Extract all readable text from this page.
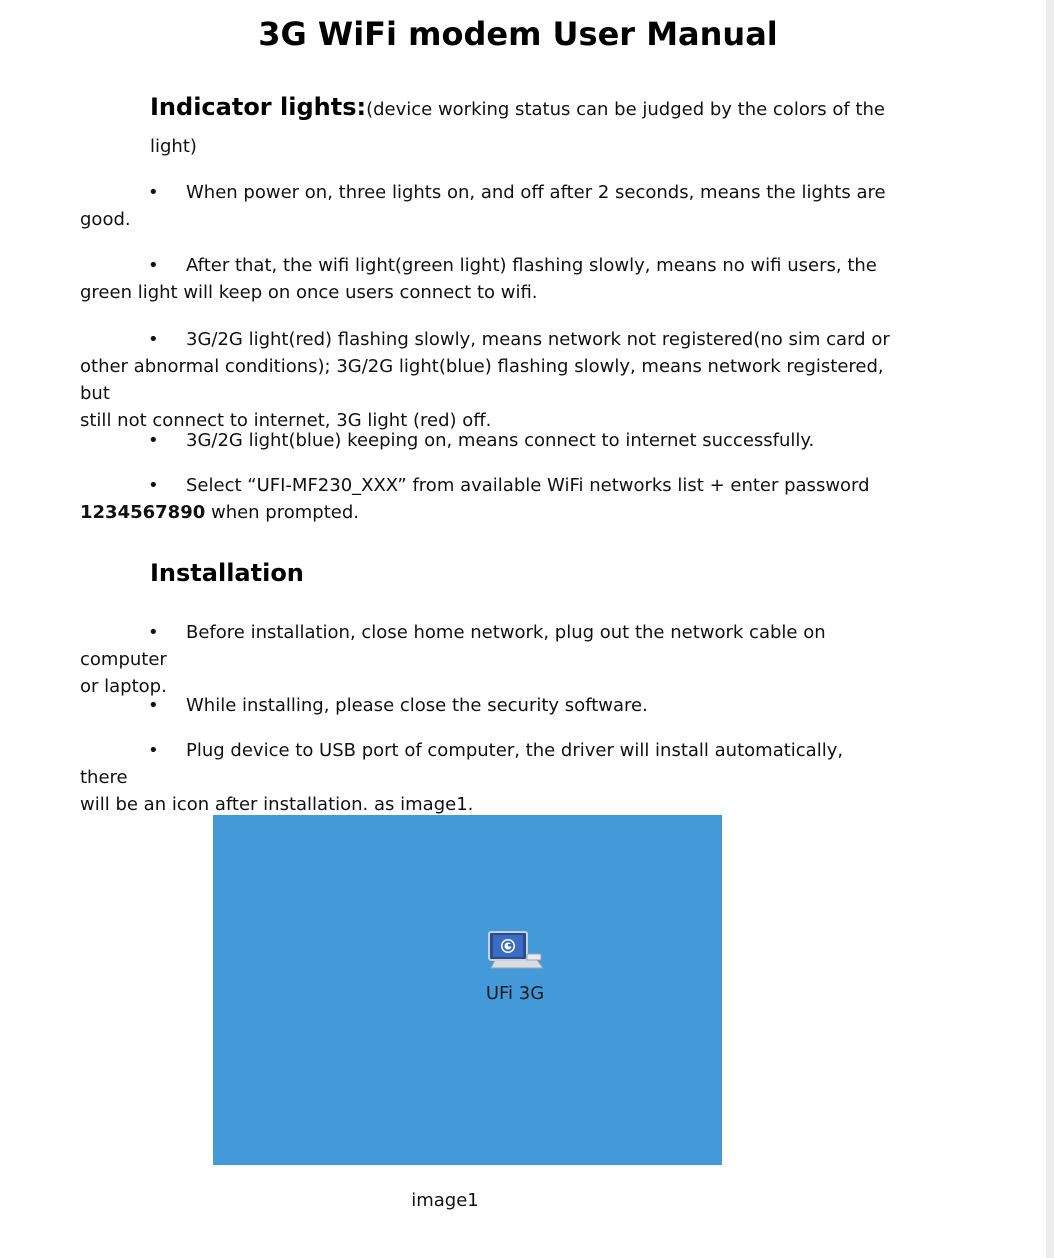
3G WiFi modem User Manual
Indicator lights:(device working status can be judged by the colors of the
light)
• When power on, three lights on, and off after 2 seconds, means the lights are
good.
• After that, the wifi light(green light) flashing slowly, means no wifi users, the
green light will keep on once users connect to wifi.
• 3G/2G light(red) flashing slowly, means network not registered(no sim card or
other abnormal conditions); 3G/2G light(blue) flashing slowly, means network registered, but
still not connect to internet, 3G light (red) off.
• 3G/2G light(blue) keeping on, means connect to internet successfully.
• Select “UFI-MF230_XXX” from available WiFi networks list + enter password
1234567890 when prompted.
Installation
• Before installation, close home network, plug out the network cable on computer
or laptop.
• While installing, please close the security software.
• Plug device to USB port of computer, the driver will install automatically, there
will be an icon after installation. as image1.
UFi 3G
image1
